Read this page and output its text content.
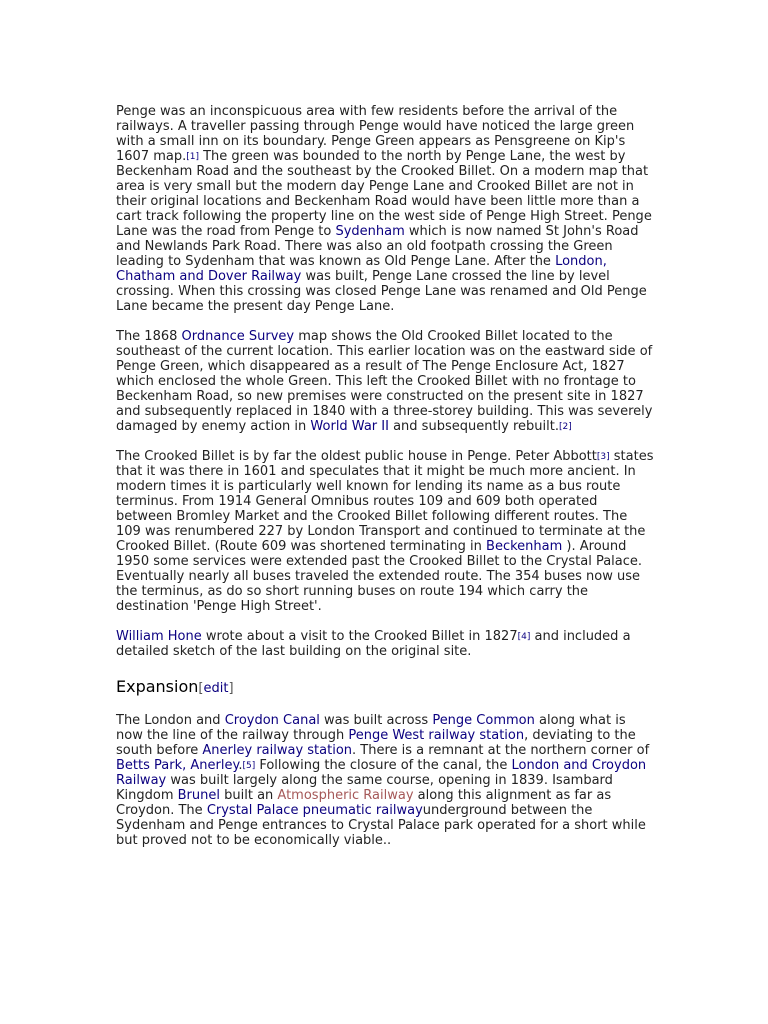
Penge was an inconspicuous area with few residents before the arrival of the railways. A traveller passing through Penge would have noticed the large green with a small inn on its boundary. Penge Green appears as Pensgreene on Kip's 1607 map.[1] The green was bounded to the north by Penge Lane, the west by Beckenham Road and the southeast by the Crooked Billet. On a modern map that area is very small but the modern day Penge Lane and Crooked Billet are not in their original locations and Beckenham Road would have been little more than a cart track following the property line on the west side of Penge High Street. Penge Lane was the road from Penge to Sydenham which is now named St John's Road and Newlands Park Road. There was also an old footpath crossing the Green leading to Sydenham that was known as Old Penge Lane. After the London, Chatham and Dover Railway was built, Penge Lane crossed the line by level crossing. When this crossing was closed Penge Lane was renamed and Old Penge Lane became the present day Penge Lane.

The 1868 Ordnance Survey map shows the Old Crooked Billet located to the southeast of the current location. This earlier location was on the eastward side of Penge Green, which disappeared as a result of The Penge Enclosure Act, 1827 which enclosed the whole Green. This left the Crooked Billet with no frontage to Beckenham Road, so new premises were constructed on the present site in 1827 and subsequently replaced in 1840 with a three-storey building. This was severely damaged by enemy action in World War II and subsequently rebuilt.[2]

The Crooked Billet is by far the oldest public house in Penge. Peter Abbott[3] states that it was there in 1601 and speculates that it might be much more ancient. In modern times it is particularly well known for lending its name as a bus route terminus. From 1914 General Omnibus routes 109 and 609 both operated between Bromley Market and the Crooked Billet following different routes. The 109 was renumbered 227 by London Transport and continued to terminate at the Crooked Billet. (Route 609 was shortened terminating in Beckenham ). Around 1950 some services were extended past the Crooked Billet to the Crystal Palace. Eventually nearly all buses traveled the extended route. The 354 buses now use the terminus, as do so short running buses on route 194 which carry the destination 'Penge High Street'.

William Hone wrote about a visit to the Crooked Billet in 1827[4] and included a detailed sketch of the last building on the original site.

Expansion[edit]

The London and Croydon Canal was built across Penge Common along what is now the line of the railway through Penge West railway station, deviating to the south before Anerley railway station. There is a remnant at the northern corner of Betts Park, Anerley.[5] Following the closure of the canal, the London and Croydon Railway was built largely along the same course, opening in 1839. Isambard Kingdom Brunel built an Atmospheric Railway along this alignment as far as Croydon. The Crystal Palace pneumatic railwayunderground between the Sydenham and Penge entrances to Crystal Palace park operated for a short while but proved not to be economically viable..
